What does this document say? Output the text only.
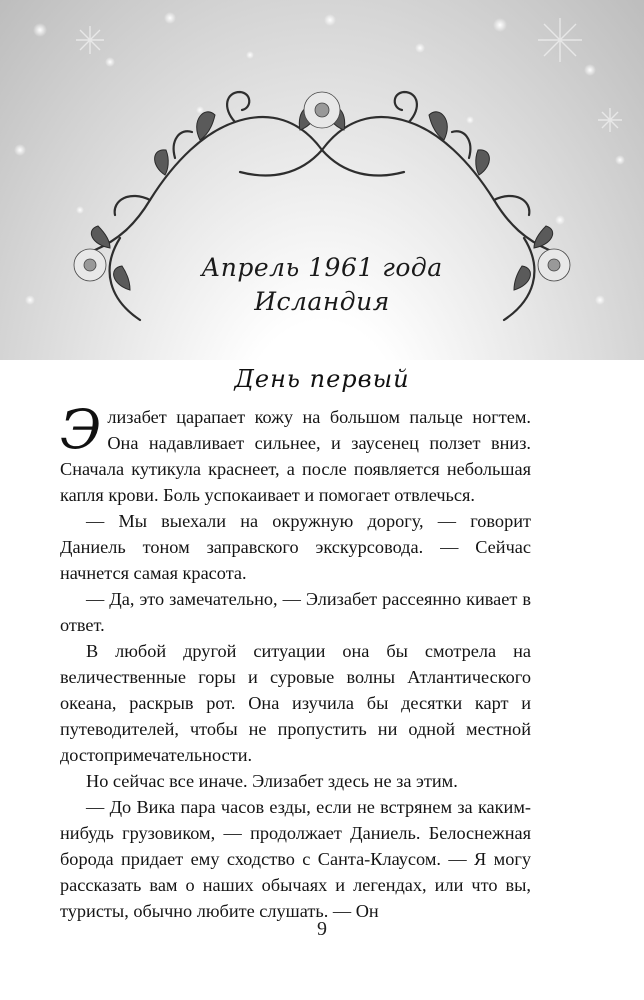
Апрель 1961 года
Исландия
День первый

Элизабет царапает кожу на большом пальце ногтем. Она надавливает сильнее, и заусенец ползет вниз. Сначала кутикула краснеет, а после появляется небольшая капля крови. Боль успокаивает и помогает отвлечься.

— Мы выехали на окружную дорогу, — говорит Даниель тоном заправского экскурсовода. — Сейчас начнется самая красота.

— Да, это замечательно, — Элизабет рассеянно кивает в ответ.

В любой другой ситуации она бы смотрела на величественные горы и суровые волны Атлантического океана, раскрыв рот. Она изучила бы десятки карт и путеводителей, чтобы не пропустить ни одной местной достопримечательности.

Но сейчас все иначе. Элизабет здесь не за этим.

— До Вика пара часов езды, если не встрянем за каким-нибудь грузовиком, — продолжает Даниель. Белоснежная борода придает ему сходство с Санта-Клаусом. — Я могу рассказать вам о наших обычаях и легендах, или что вы, туристы, обычно любите слушать. — Он

9
